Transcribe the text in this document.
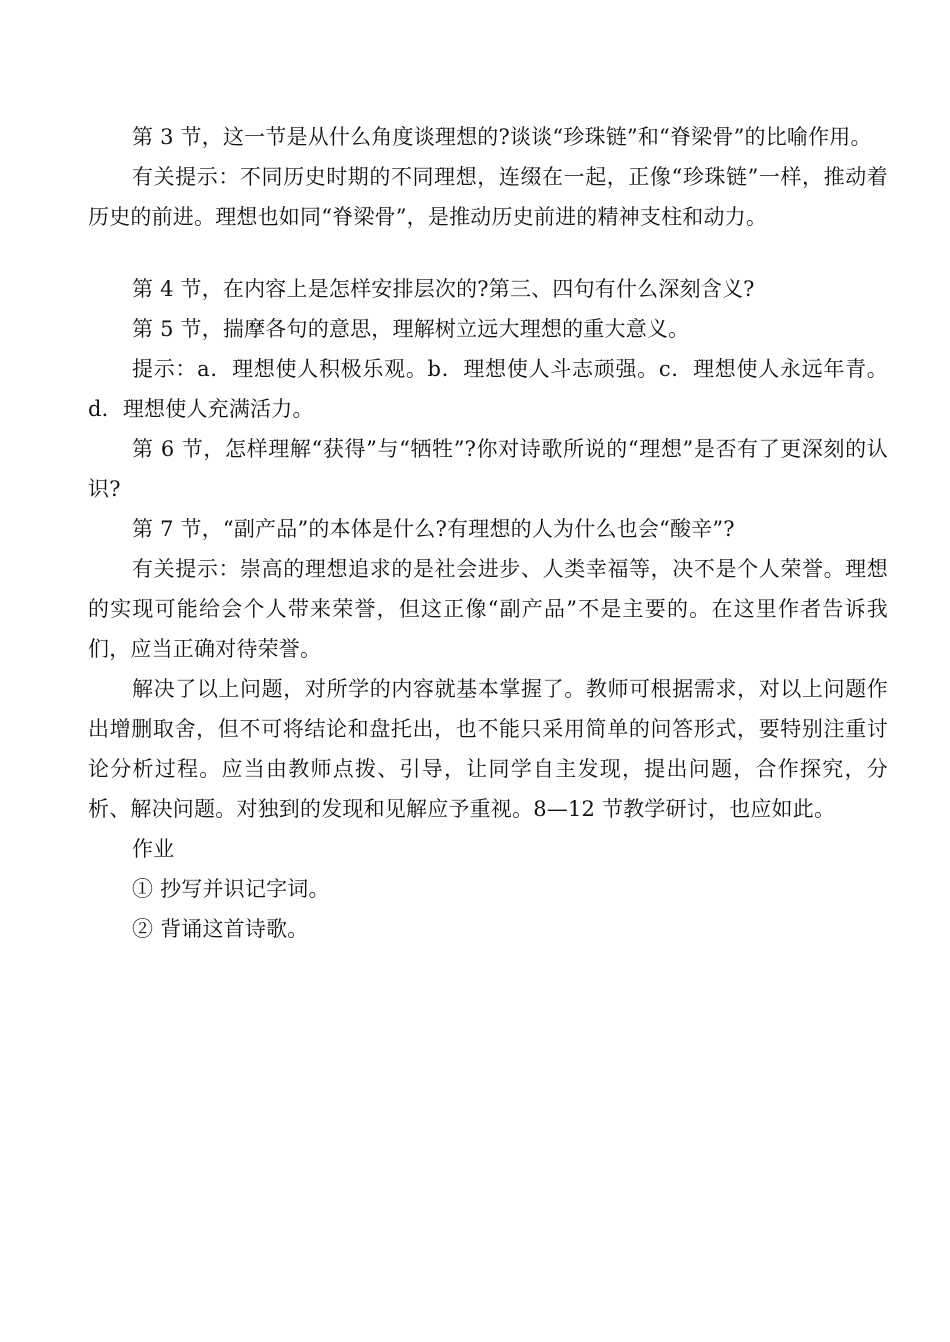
第 3 节，这一节是从什么角度谈理想的?谈谈“珍珠链”和“脊梁骨”的比喻作用。

有关提示：不同历史时期的不同理想，连缀在一起，正像“珍珠链”一样，推动着历史的前进。理想也如同“脊梁骨”，是推动历史前进的精神支柱和动力。

第 4 节，在内容上是怎样安排层次的?第三、四句有什么深刻含义?

第 5 节，揣摩各句的意思，理解树立远大理想的重大意义。

提示：a．理想使人积极乐观。b．理想使人斗志顽强。c．理想使人永远年青。d．理想使人充满活力。

第 6 节，怎样理解“获得”与“牺牲”?你对诗歌所说的“理想”是否有了更深刻的认识?

第 7 节，“副产品”的本体是什么?有理想的人为什么也会“酸辛”?

有关提示：崇高的理想追求的是社会进步、人类幸福等，决不是个人荣誉。理想的实现可能给会个人带来荣誉，但这正像“副产品”不是主要的。在这里作者告诉我们，应当正确对待荣誉。

解决了以上问题，对所学的内容就基本掌握了。教师可根据需求，对以上问题作出增删取舍，但不可将结论和盘托出，也不能只采用简单的问答形式，要特别注重讨论分析过程。应当由教师点拨、引导，让同学自主发现，提出问题，合作探究，分析、解决问题。对独到的发现和见解应予重视。8—12 节教学研讨，也应如此。

作业

① 抄写并识记字词。

② 背诵这首诗歌。
